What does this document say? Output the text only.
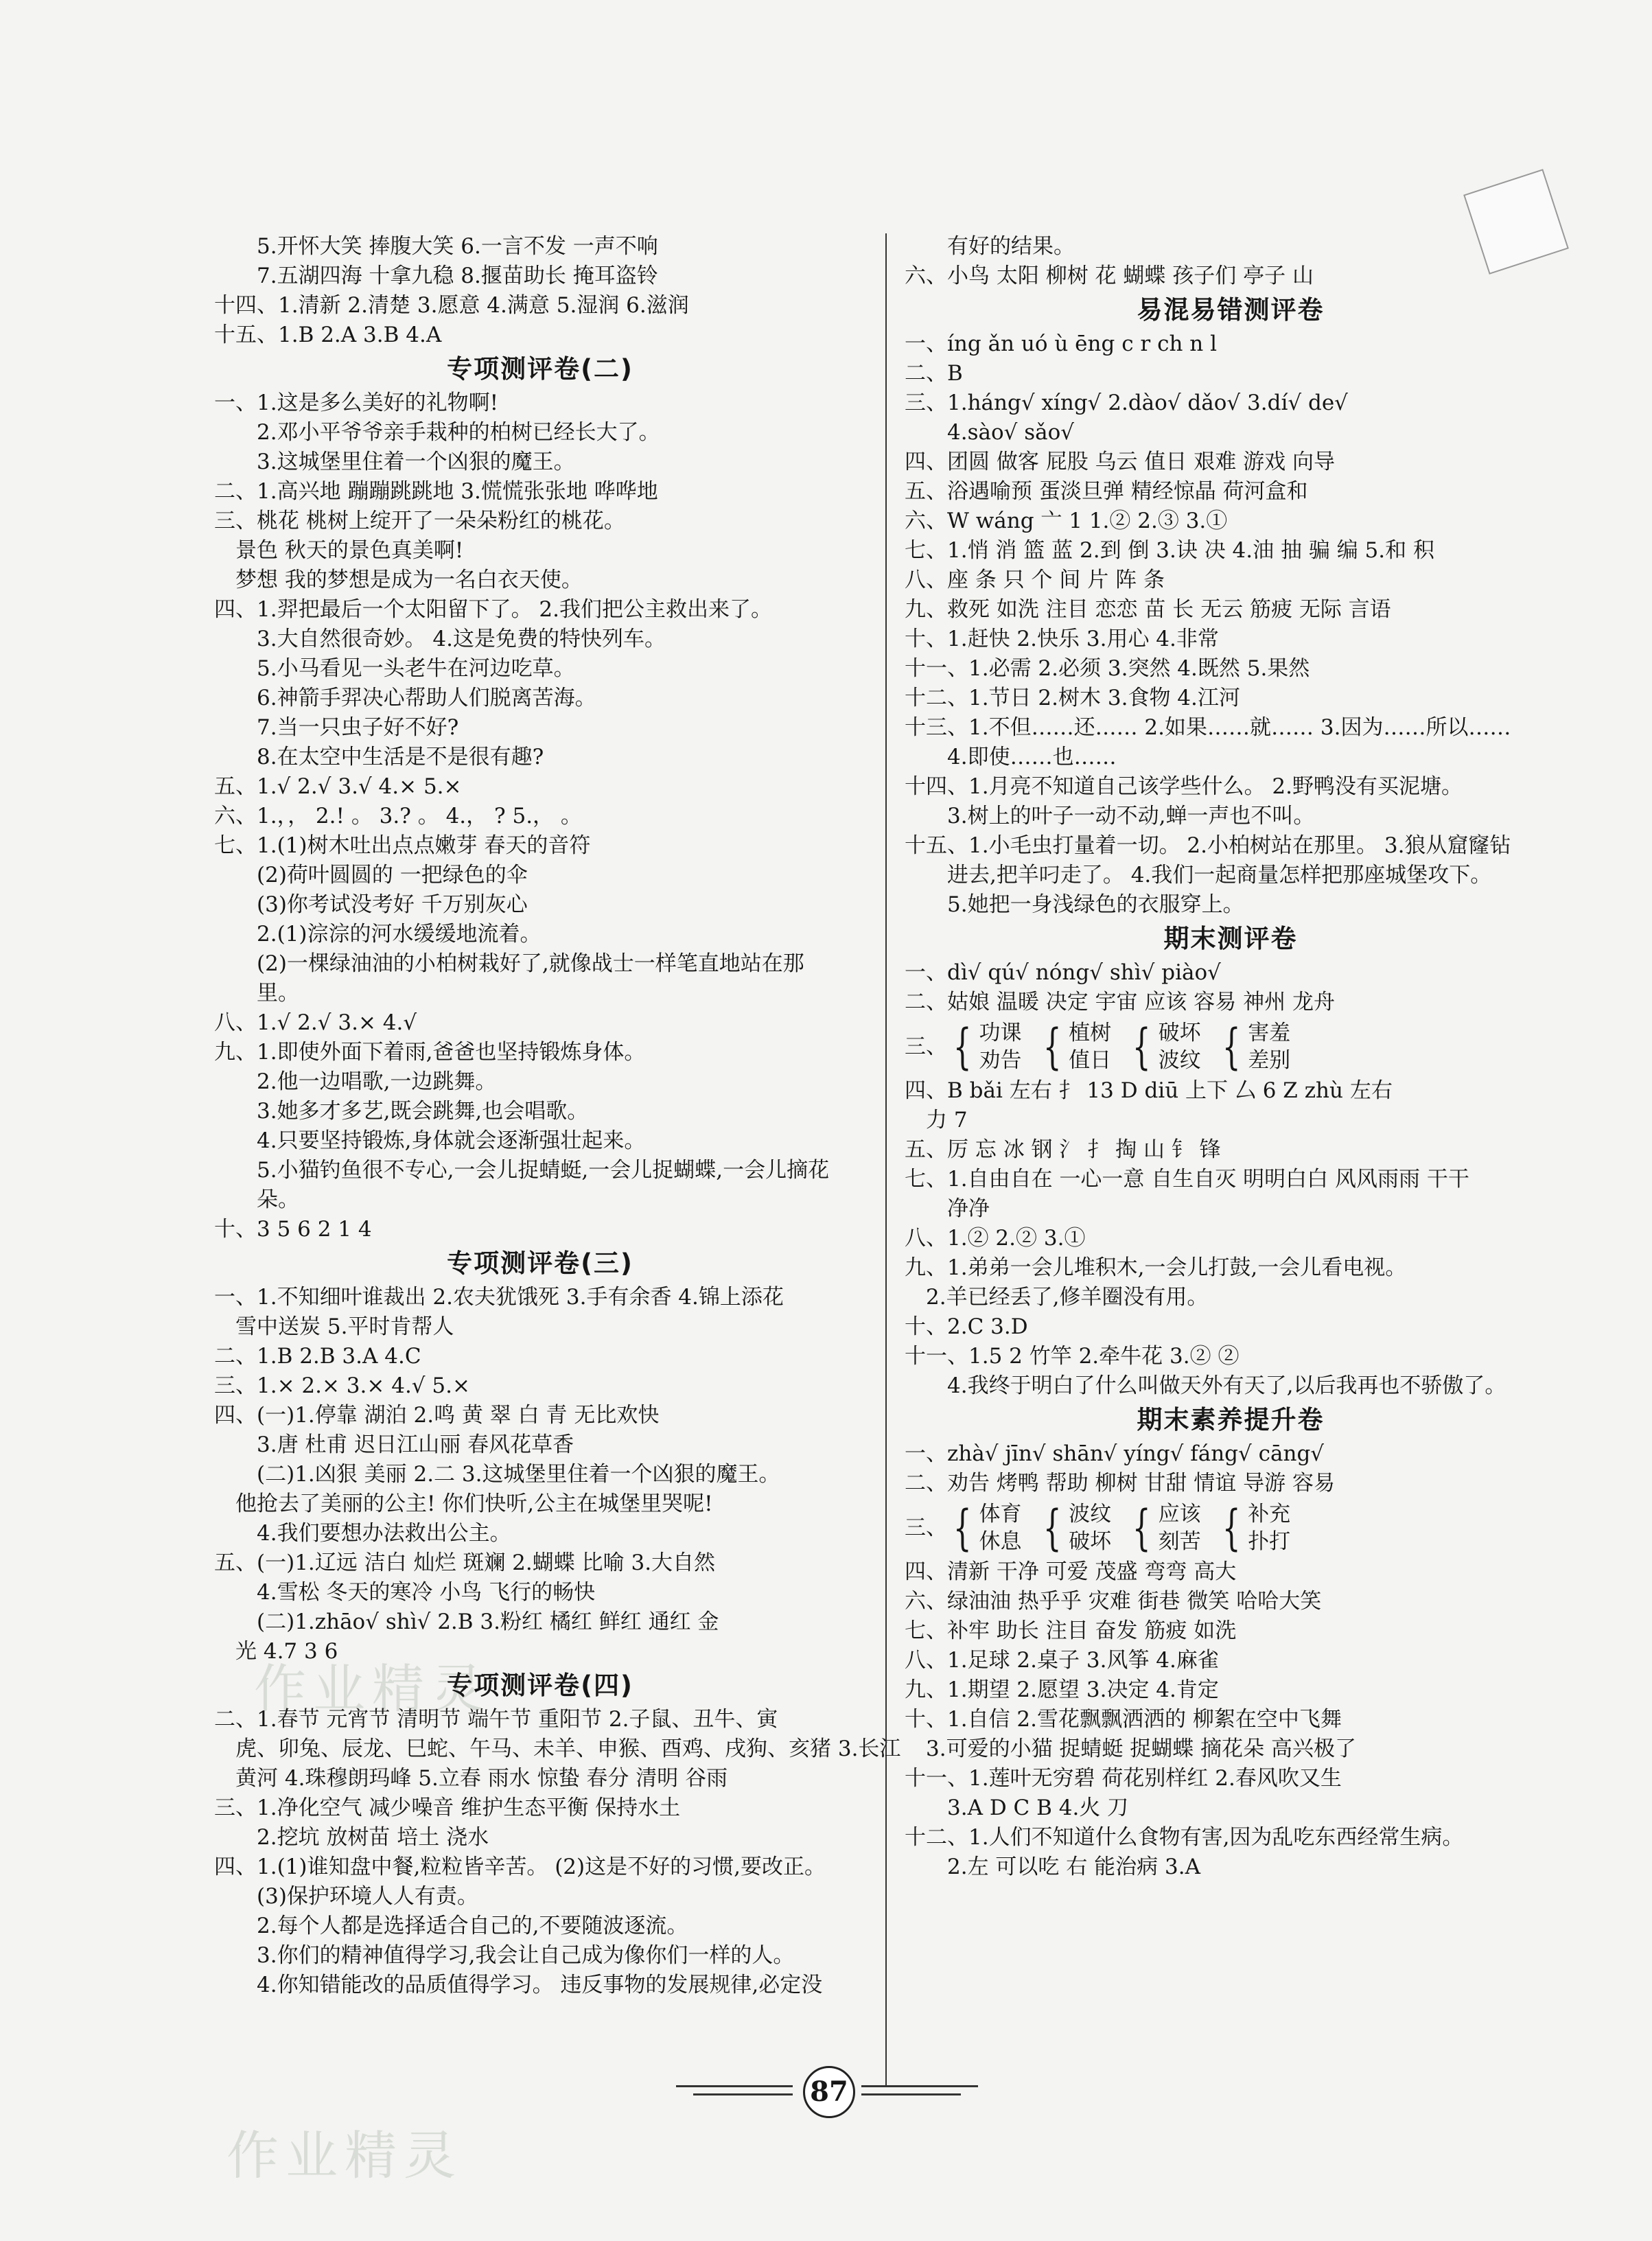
作业精灵
作业精灵
5.开怀大笑 捧腹大笑 6.一言不发 一声不响
7.五湖四海 十拿九稳 8.揠苗助长 掩耳盗铃
十四、1.清新 2.清楚 3.愿意 4.满意 5.湿润 6.滋润
十五、1.B 2.A 3.B 4.A
专项测评卷(二)
一、1.这是多么美好的礼物啊!
2.邓小平爷爷亲手栽种的柏树已经长大了。
3.这城堡里住着一个凶狠的魔王。
二、1.高兴地 蹦蹦跳跳地 3.慌慌张张地 哗哗地
三、桃花 桃树上绽开了一朵朵粉红的桃花。
景色 秋天的景色真美啊!
梦想 我的梦想是成为一名白衣天使。
四、1.羿把最后一个太阳留下了。 2.我们把公主救出来了。
3.大自然很奇妙。 4.这是免费的特快列车。
5.小马看见一头老牛在河边吃草。
6.神箭手羿决心帮助人们脱离苦海。
7.当一只虫子好不好?
8.在太空中生活是不是很有趣?
五、1.√ 2.√ 3.√ 4.× 5.×
六、1.，， 2.! 。 3.? 。 4.， ? 5.， 。
七、1.(1)树木吐出点点嫩芽 春天的音符
(2)荷叶圆圆的 一把绿色的伞
(3)你考试没考好 千万别灰心
2.(1)淙淙的河水缓缓地流着。
(2)一棵绿油油的小柏树栽好了,就像战士一样笔直地站在那
里。
八、1.√ 2.√ 3.× 4.√
九、1.即使外面下着雨,爸爸也坚持锻炼身体。
2.他一边唱歌,一边跳舞。
3.她多才多艺,既会跳舞,也会唱歌。
4.只要坚持锻炼,身体就会逐渐强壮起来。
5.小猫钓鱼很不专心,一会儿捉蜻蜓,一会儿捉蝴蝶,一会儿摘花
朵。
十、3 5 6 2 1 4
专项测评卷(三)
一、1.不知细叶谁裁出 2.农夫犹饿死 3.手有余香 4.锦上添花
雪中送炭 5.平时肯帮人
二、1.B 2.B 3.A 4.C
三、1.× 2.× 3.× 4.√ 5.×
四、(一)1.停靠 湖泊 2.鸣 黄 翠 白 青 无比欢快
3.唐 杜甫 迟日江山丽 春风花草香
(二)1.凶狠 美丽 2.二 3.这城堡里住着一个凶狠的魔王。
他抢去了美丽的公主! 你们快听,公主在城堡里哭呢!
4.我们要想办法救出公主。
五、(一)1.辽远 洁白 灿烂 斑斓 2.蝴蝶 比喻 3.大自然
4.雪松 冬天的寒冷 小鸟 飞行的畅快
(二)1.zhāo√ shì√ 2.B 3.粉红 橘红 鲜红 通红 金
光 4.7 3 6
专项测评卷(四)
二、1.春节 元宵节 清明节 端午节 重阳节 2.子鼠、丑牛、寅
虎、卯兔、辰龙、巳蛇、午马、未羊、申猴、酉鸡、戌狗、亥猪 3.长江
黄河 4.珠穆朗玛峰 5.立春 雨水 惊蛰 春分 清明 谷雨
三、1.净化空气 减少噪音 维护生态平衡 保持水土
2.挖坑 放树苗 培土 浇水
四、1.(1)谁知盘中餐,粒粒皆辛苦。 (2)这是不好的习惯,要改正。
(3)保护环境人人有责。
2.每个人都是选择适合自己的,不要随波逐流。
3.你们的精神值得学习,我会让自己成为像你们一样的人。
4.你知错能改的品质值得学习。 违反事物的发展规律,必定没
有好的结果。
六、小鸟 太阳 柳树 花 蝴蝶 孩子们 亭子 山
易混易错测评卷
一、íng ǎn uó ù ēng c r ch n l
二、B
三、1.háng√ xíng√ 2.dào√ dǎo√ 3.dí√ de√
4.sào√ sǎo√
四、团圆 做客 屁股 乌云 值日 艰难 游戏 向导
五、浴遇喻预 蛋淡旦弹 精经惊晶 荷河盒和
六、W wáng 亠 1 1.② 2.③ 3.①
七、1.悄 消 篮 蓝 2.到 倒 3.诀 决 4.油 抽 骗 编 5.和 积
八、座 条 只 个 间 片 阵 条
九、救死 如洗 注目 恋恋 苗 长 无云 筋疲 无际 言语
十、1.赶快 2.快乐 3.用心 4.非常
十一、1.必需 2.必须 3.突然 4.既然 5.果然
十二、1.节日 2.树木 3.食物 4.江河
十三、1.不但……还…… 2.如果……就…… 3.因为……所以……
4.即使……也……
十四、1.月亮不知道自己该学些什么。 2.野鸭没有买泥塘。
3.树上的叶子一动不动,蝉一声也不叫。
十五、1.小毛虫打量着一切。 2.小柏树站在那里。 3.狼从窟窿钻
进去,把羊叼走了。 4.我们一起商量怎样把那座城堡攻下。
5.她把一身浅绿色的衣服穿上。
期末测评卷
一、dì√ qú√ nóng√ shì√ piào√
二、姑娘 温暖 决定 宇宙 应该 容易 神州 龙舟
三、 { 功课
劝告 { 植树
值日 { 破坏
波纹 { 害羞
差别
四、B bǎi 左右 扌 13 D diū 上下 厶 6 Z zhù 左右
力 7
五、厉 忘 冰 钢 氵 扌 掏 山 钅 锋
七、1.自由自在 一心一意 自生自灭 明明白白 风风雨雨 干干
净净
八、1.② 2.② 3.①
九、1.弟弟一会儿堆积木,一会儿打鼓,一会儿看电视。
2.羊已经丢了,修羊圈没有用。
十、2.C 3.D
十一、1.5 2 竹竿 2.牵牛花 3.② ②
4.我终于明白了什么叫做天外有天了,以后我再也不骄傲了。
期末素养提升卷
一、zhà√ jīn√ shān√ yíng√ fáng√ cāng√
二、劝告 烤鸭 帮助 柳树 甘甜 情谊 导游 容易
三、 { 体育
休息 { 波纹
破坏 { 应该
刻苦 { 补充
扑打
四、清新 干净 可爱 茂盛 弯弯 高大
六、绿油油 热乎乎 灾难 街巷 微笑 哈哈大笑
七、补牢 助长 注目 奋发 筋疲 如洗
八、1.足球 2.桌子 3.风筝 4.麻雀
九、1.期望 2.愿望 3.决定 4.肯定
十、1.自信 2.雪花飘飘洒洒的 柳絮在空中飞舞
3.可爱的小猫 捉蜻蜓 捉蝴蝶 摘花朵 高兴极了
十一、1.莲叶无穷碧 荷花别样红 2.春风吹又生
3.A D C B 4.火 刀
十二、1.人们不知道什么食物有害,因为乱吃东西经常生病。
2.左 可以吃 右 能治病 3.A
87
